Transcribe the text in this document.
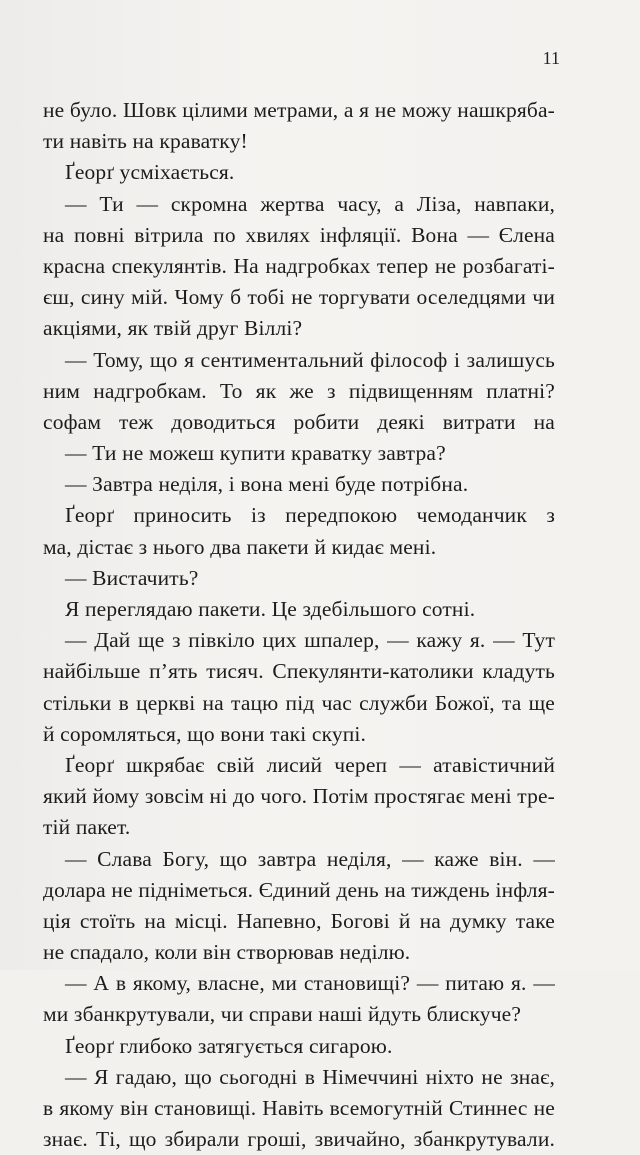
11
не було. Шовк цілими метрами, а я не можу нашкряба-
ти навіть на краватку!
Ґеорґ усміхається.
— Ти — скромна жертва часу, а Ліза, навпаки,
на повні вітрила по хвилях інфляції. Вона — Єлена
красна спекулянтів. На надгробках тепер не розбагаті-
єш, сину мій. Чому б тобі не торгувати оселедцями чи
акціями, як твій друг Віллі?
— Тому, що я сентиментальний філософ і залишусь
ним надгробкам. То як же з підвищенням платні?
софам теж доводиться робити деякі витрати на
— Ти не можеш купити краватку завтра?
— Завтра неділя, і вона мені буде потрібна.
Ґеорґ приносить із передпокою чемоданчик з
ма, дістає з нього два пакети й кидає мені.
— Вистачить?
Я переглядаю пакети. Це здебільшого сотні.
— Дай ще з півкіло цих шпалер, — кажу я. — Тут
найбільше п’ять тисяч. Спекулянти-католики кладуть
стільки в церкві на тацю під час служби Божої, та ще
й соромляться, що вони такі скупі.
Ґеорґ шкрябає свій лисий череп — атавістичний
який йому зовсім ні до чого. Потім простягає мені тре-
тій пакет.
— Слава Богу, що завтра неділя, — каже він. —
долара не підніметься. Єдиний день на тиждень інфля-
ція стоїть на місці. Напевно, Богові й на думку таке
не спадало, коли він створював неділю.
— А в якому, власне, ми становищі? — питаю я. —
ми збанкрутували, чи справи наші йдуть блискуче?
Ґеорґ глибоко затягується сигарою.
— Я гадаю, що сьогодні в Німеччині ніхто не знає,
в якому він становищі. Навіть всемогутній Стиннес не
знає. Ті, що збирали гроші, звичайно, збанкрутували.
